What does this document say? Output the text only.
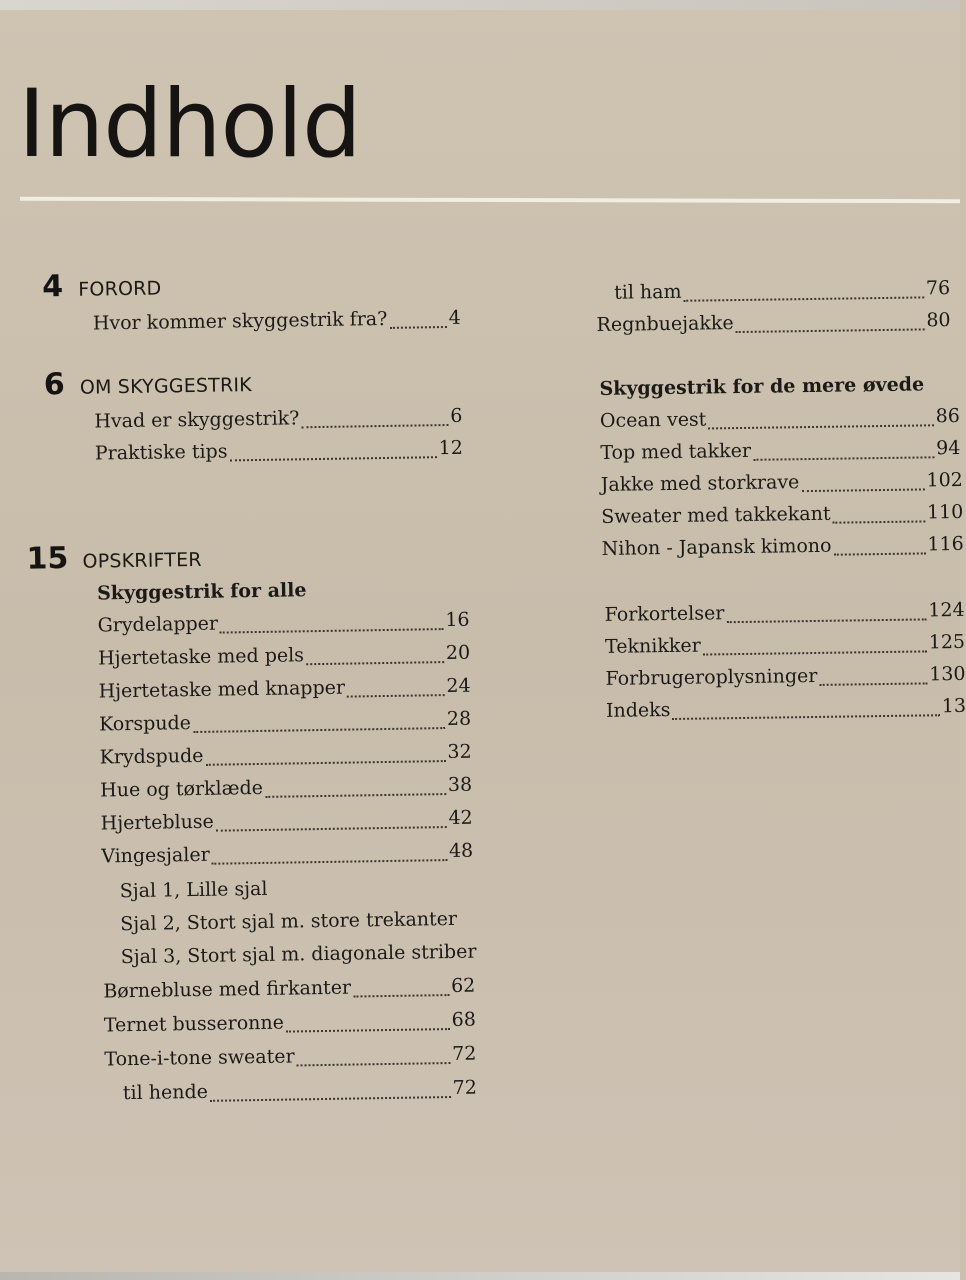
Indhold
4 FORORD
Hvor kommer skyggestrik fra?	4
6 OM SKYGGESTRIK
Hvad er skyggestrik?	6
Praktiske tips	12
15 OPSKRIFTER
Skyggestrik for alle
Grydelapper	16
Hjertetaske med pels	20
Hjertetaske med knapper	24
Korspude	28
Krydspude	32
Hue og tørklæde	38
Hjertebluse	42
Vingesjaler	48
Sjal 1, Lille sjal
Sjal 2, Stort sjal m. store trekanter
Sjal 3, Stort sjal m. diagonale striber
Børnebluse med firkanter	62
Ternet busseronne	68
Tone-i-tone sweater	72
til hende	72
til ham	76
Regnbuejakke	80
Skyggestrik for de mere øvede
Ocean vest	86
Top med takker	94
Jakke med storkrave	102
Sweater med takkekant	110
Nihon - Japansk kimono	116
Forkortelser	124
Teknikker	125
Forbrugeroplysninger	130
Indeks	13
